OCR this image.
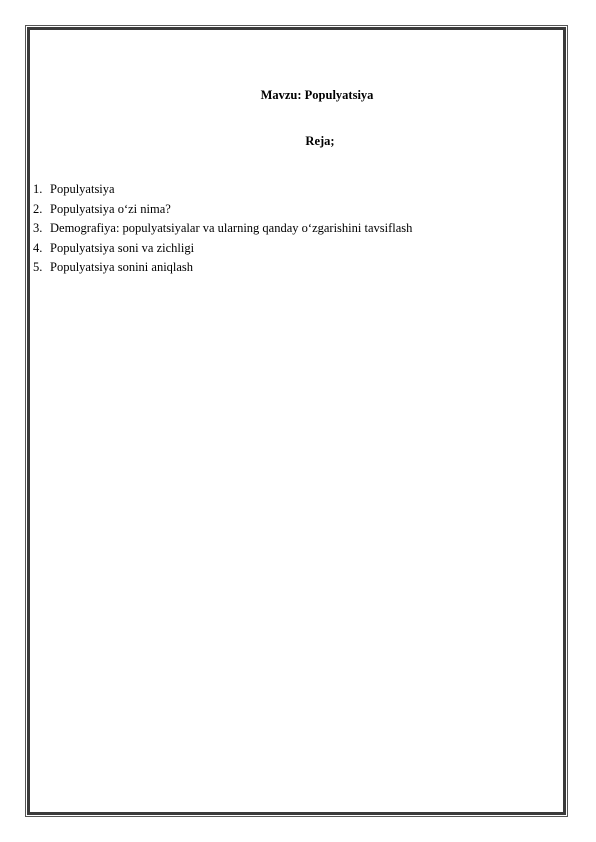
Mavzu: Populyatsiya
Reja;
1. Populyatsiya
2. Populyatsiya o‘zi nima?
3. Demografiya: populyatsiyalar va ularning qanday o‘zgarishini tavsiflash
4. Populyatsiya soni va zichligi
5. Populyatsiya sonini aniqlash
